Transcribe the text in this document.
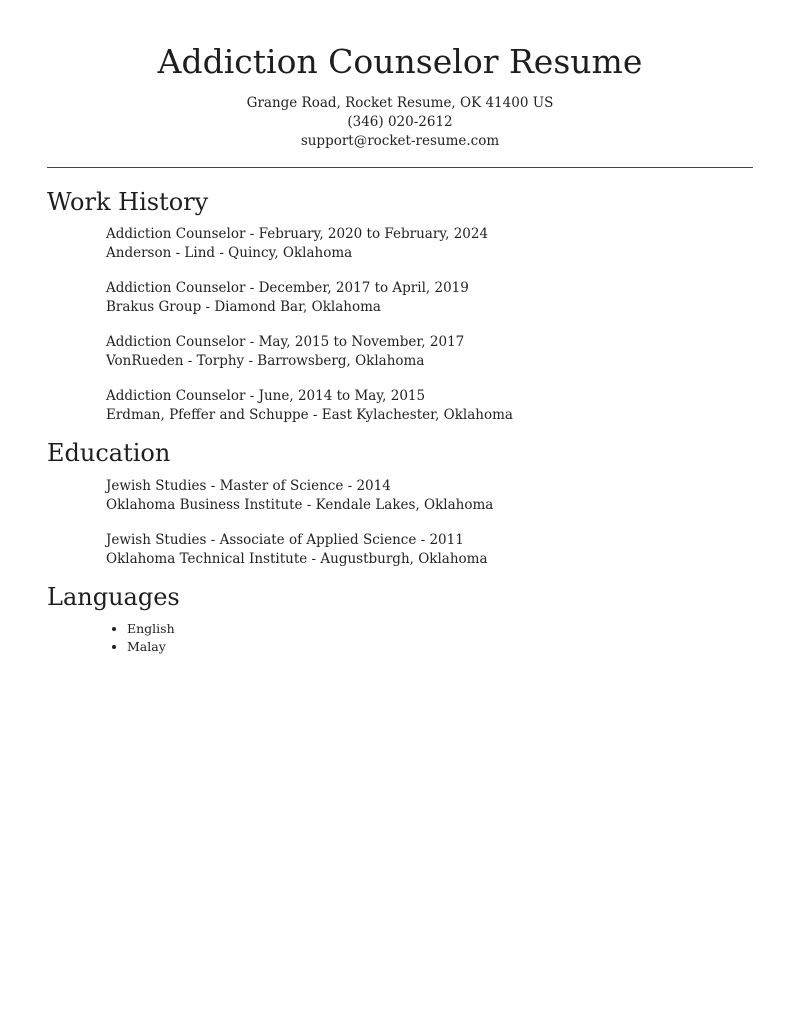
Addiction Counselor Resume
Grange Road, Rocket Resume, OK 41400 US
(346) 020-2612
support@rocket-resume.com
Work History
Addiction Counselor - February, 2020 to February, 2024
Anderson - Lind - Quincy, Oklahoma
Addiction Counselor - December, 2017 to April, 2019
Brakus Group - Diamond Bar, Oklahoma
Addiction Counselor - May, 2015 to November, 2017
VonRueden - Torphy - Barrowsberg, Oklahoma
Addiction Counselor - June, 2014 to May, 2015
Erdman, Pfeffer and Schuppe - East Kylachester, Oklahoma
Education
Jewish Studies - Master of Science - 2014
Oklahoma Business Institute - Kendale Lakes, Oklahoma
Jewish Studies - Associate of Applied Science - 2011
Oklahoma Technical Institute - Augustburgh, Oklahoma
Languages
• English
• Malay
